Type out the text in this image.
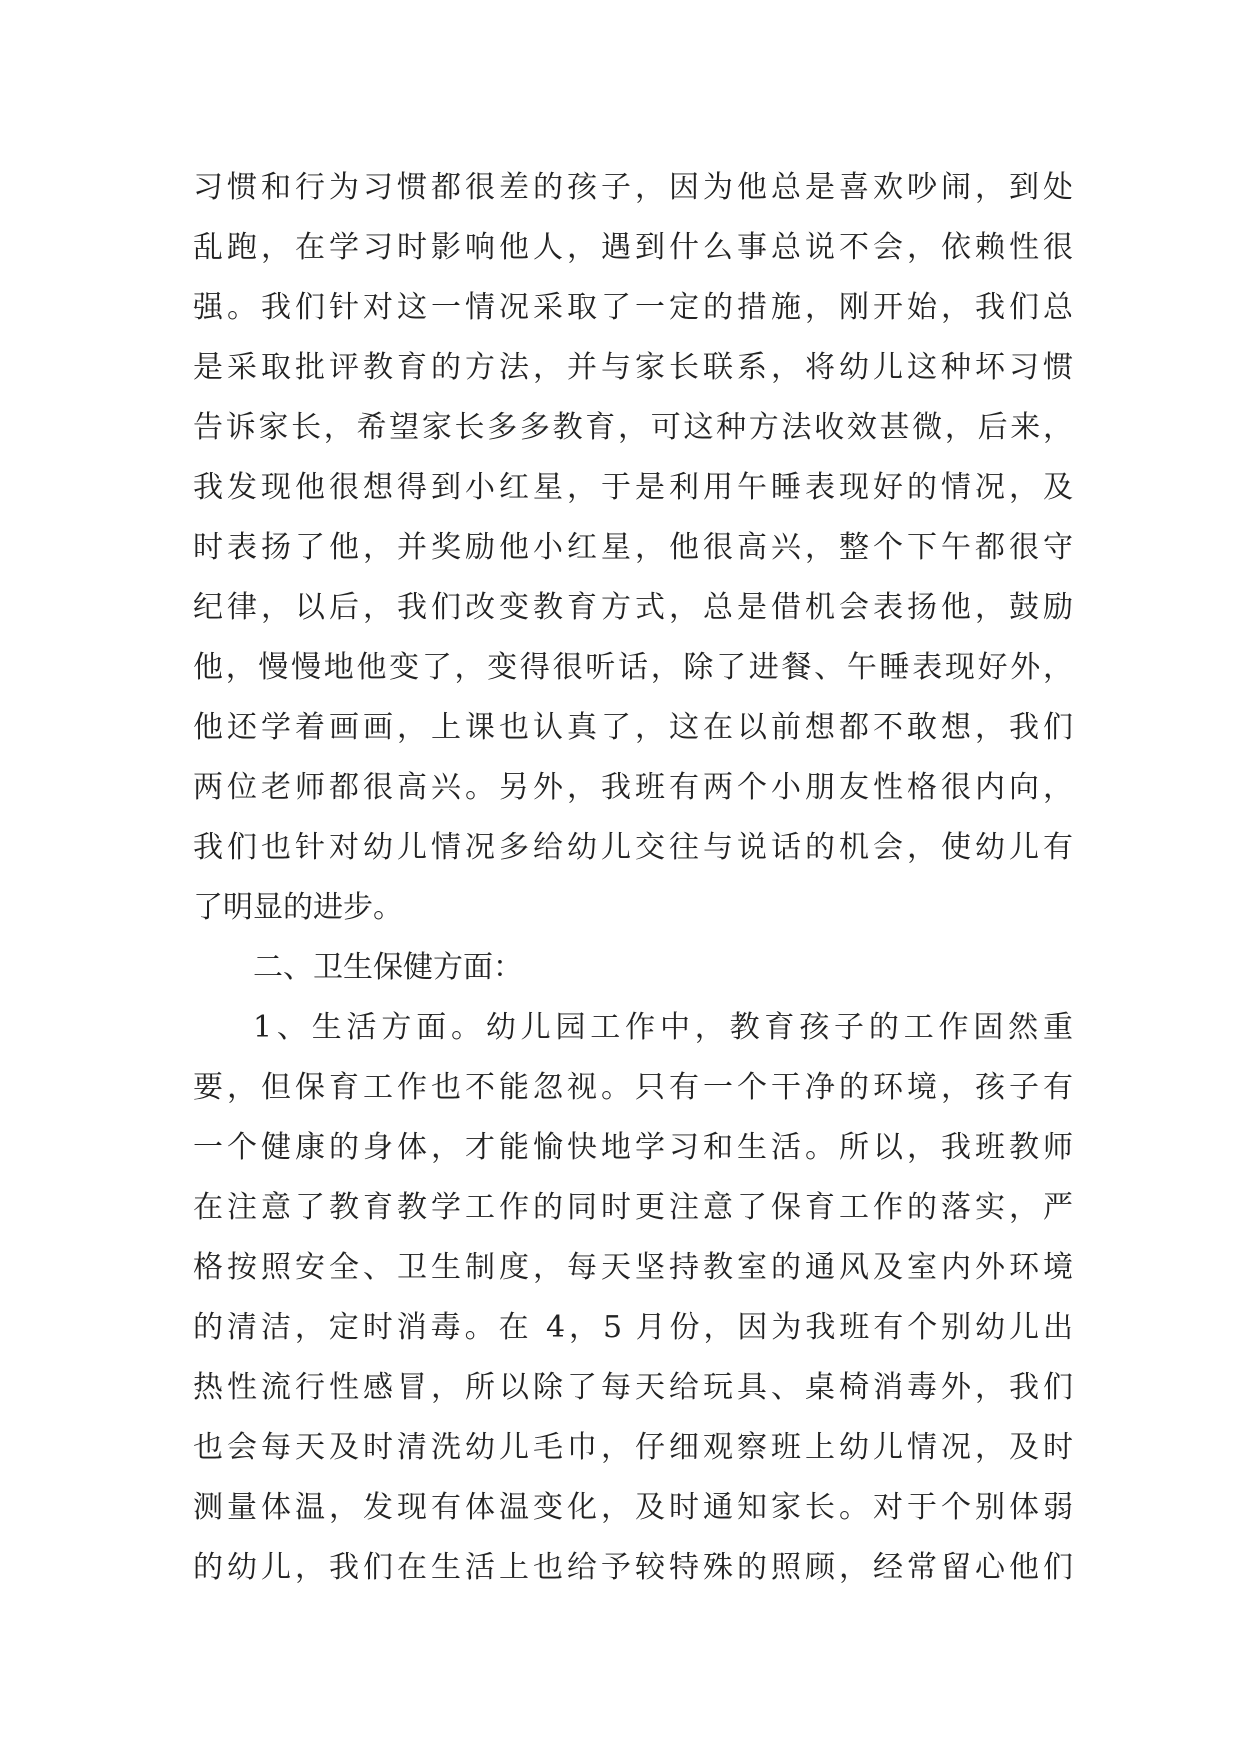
习惯和行为习惯都很差的孩子，因为他总是喜欢吵闹，到处
乱跑，在学习时影响他人，遇到什么事总说不会，依赖性很
强。我们针对这一情况采取了一定的措施，刚开始，我们总
是采取批评教育的方法，并与家长联系，将幼儿这种坏习惯
告诉家长，希望家长多多教育，可这种方法收效甚微，后来，
我发现他很想得到小红星，于是利用午睡表现好的情况，及
时表扬了他，并奖励他小红星，他很高兴，整个下午都很守
纪律，以后，我们改变教育方式，总是借机会表扬他，鼓励
他，慢慢地他变了，变得很听话，除了进餐、午睡表现好外，
他还学着画画，上课也认真了，这在以前想都不敢想，我们
两位老师都很高兴。另外，我班有两个小朋友性格很内向，
我们也针对幼儿情况多给幼儿交往与说话的机会，使幼儿有
了明显的进步。
二、卫生保健方面：
1、生活方面。幼儿园工作中，教育孩子的工作固然重
要，但保育工作也不能忽视。只有一个干净的环境，孩子有
一个健康的身体，才能愉快地学习和生活。所以，我班教师
在注意了教育教学工作的同时更注意了保育工作的落实，严
格按照安全、卫生制度，每天坚持教室的通风及室内外环境
的清洁，定时消毒。在 4，5 月份，因为我班有个别幼儿出
热性流行性感冒，所以除了每天给玩具、桌椅消毒外，我们
也会每天及时清洗幼儿毛巾，仔细观察班上幼儿情况，及时
测量体温，发现有体温变化，及时通知家长。对于个别体弱
的幼儿，我们在生活上也给予较特殊的照顾，经常留心他们
